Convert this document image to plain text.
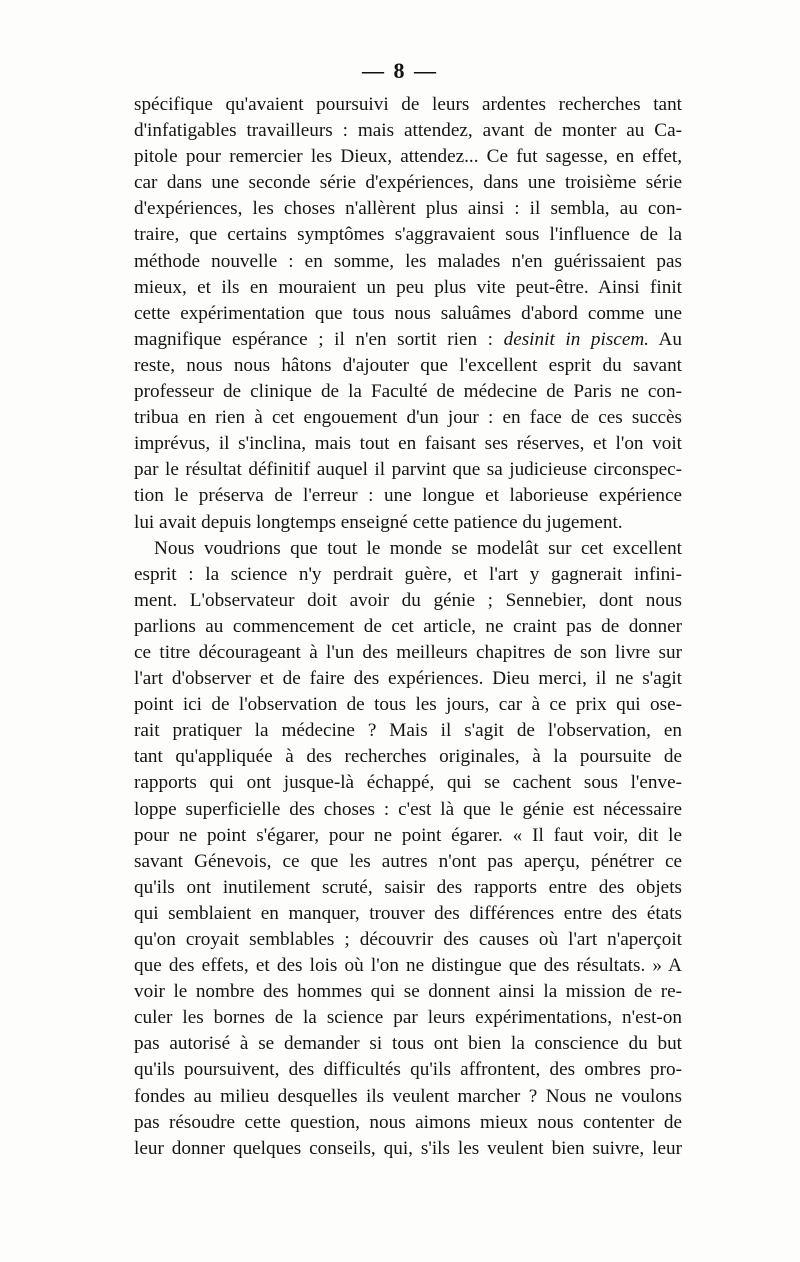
— 8 —
spécifique qu'avaient poursuivi de leurs ardentes recherches tant
d'infatigables travailleurs : mais attendez, avant de monter au Ca-
pitole pour remercier les Dieux, attendez... Ce fut sagesse, en effet,
car dans une seconde série d'expériences, dans une troisième série
d'expériences, les choses n'allèrent plus ainsi : il sembla, au con-
traire, que certains symptômes s'aggravaient sous l'influence de la
méthode nouvelle : en somme, les malades n'en guérissaient pas
mieux, et ils en mouraient un peu plus vite peut-être. Ainsi finit
cette expérimentation que tous nous saluâmes d'abord comme une
magnifique espérance ; il n'en sortit rien : desinit in piscem. Au
reste, nous nous hâtons d'ajouter que l'excellent esprit du savant
professeur de clinique de la Faculté de médecine de Paris ne con-
tribua en rien à cet engouement d'un jour : en face de ces succès
imprévus, il s'inclina, mais tout en faisant ses réserves, et l'on voit
par le résultat définitif auquel il parvint que sa judicieuse circonspec-
tion le préserva de l'erreur : une longue et laborieuse expérience
lui avait depuis longtemps enseigné cette patience du jugement.
Nous voudrions que tout le monde se modelât sur cet excellent
esprit : la science n'y perdrait guère, et l'art y gagnerait infini-
ment. L'observateur doit avoir du génie ; Sennebier, dont nous
parlions au commencement de cet article, ne craint pas de donner
ce titre décourageant à l'un des meilleurs chapitres de son livre sur
l'art d'observer et de faire des expériences. Dieu merci, il ne s'agit
point ici de l'observation de tous les jours, car à ce prix qui ose-
rait pratiquer la médecine ? Mais il s'agit de l'observation, en
tant qu'appliquée à des recherches originales, à la poursuite de
rapports qui ont jusque-là échappé, qui se cachent sous l'enve-
loppe superficielle des choses : c'est là que le génie est nécessaire
pour ne point s'égarer, pour ne point égarer. « Il faut voir, dit le
savant Génevois, ce que les autres n'ont pas aperçu, pénétrer ce
qu'ils ont inutilement scruté, saisir des rapports entre des objets
qui semblaient en manquer, trouver des différences entre des états
qu'on croyait semblables ; découvrir des causes où l'art n'aperçoit
que des effets, et des lois où l'on ne distingue que des résultats. » A
voir le nombre des hommes qui se donnent ainsi la mission de re-
culer les bornes de la science par leurs expérimentations, n'est-on
pas autorisé à se demander si tous ont bien la conscience du but
qu'ils poursuivent, des difficultés qu'ils affrontent, des ombres pro-
fondes au milieu desquelles ils veulent marcher ? Nous ne voulons
pas résoudre cette question, nous aimons mieux nous contenter de
leur donner quelques conseils, qui, s'ils les veulent bien suivre, leur
